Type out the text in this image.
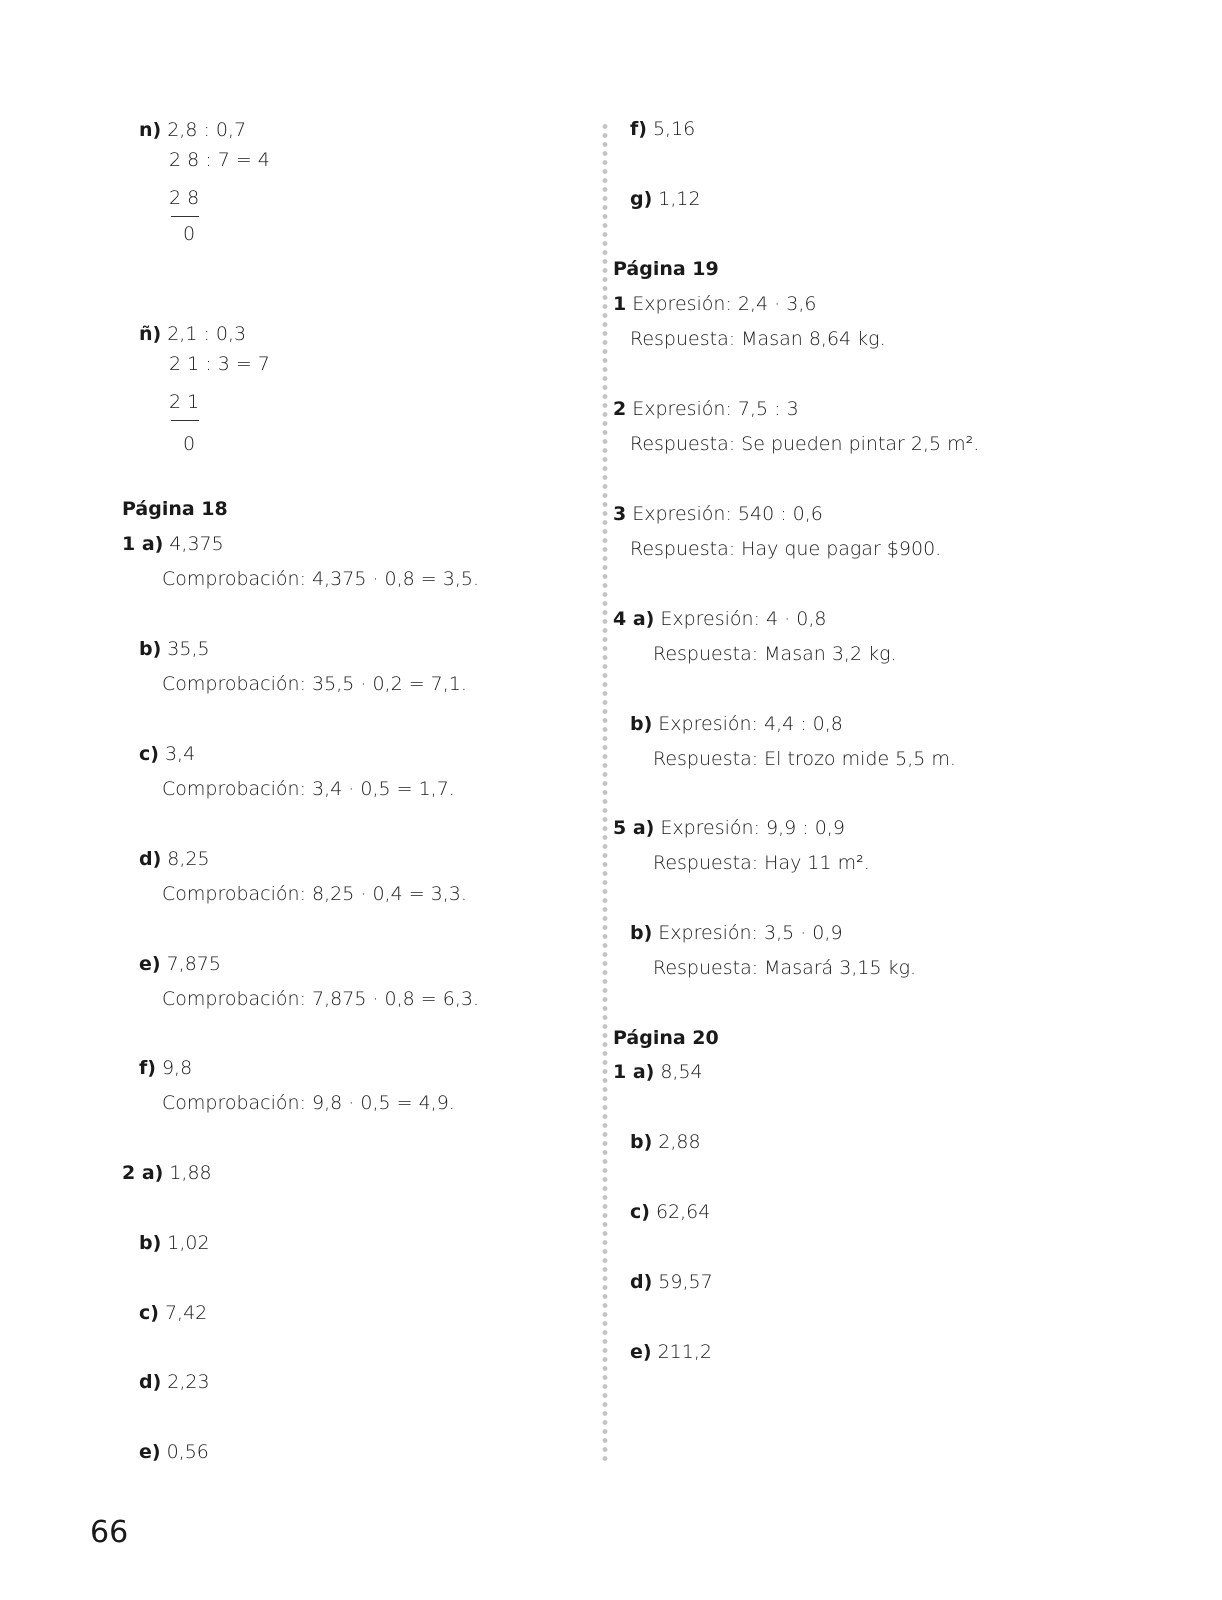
n) 2,8 : 0,7
2 8 : 7 = 4
2 8
0
ñ) 2,1 : 0,3
2 1 : 3 = 7
2 1
0
Página 18
1 a) 4,375
Comprobación: 4,375 · 0,8 = 3,5.
b) 35,5
Comprobación: 35,5 · 0,2 = 7,1.
c) 3,4
Comprobación: 3,4 · 0,5 = 1,7.
d) 8,25
Comprobación: 8,25 · 0,4 = 3,3.
e) 7,875
Comprobación: 7,875 · 0,8 = 6,3.
f) 9,8
Comprobación: 9,8 · 0,5 = 4,9.
2 a) 1,88
b) 1,02
c) 7,42
d) 2,23
e) 0,56
f) 5,16
g) 1,12
Página 19
1 Expresión: 2,4 · 3,6
Respuesta: Masan 8,64 kg.
2 Expresión: 7,5 : 3
Respuesta: Se pueden pintar 2,5 m².
3 Expresión: 540 : 0,6
Respuesta: Hay que pagar $900.
4 a) Expresión: 4 · 0,8
Respuesta: Masan 3,2 kg.
b) Expresión: 4,4 : 0,8
Respuesta: El trozo mide 5,5 m.
5 a) Expresión: 9,9 : 0,9
Respuesta: Hay 11 m².
b) Expresión: 3,5 · 0,9
Respuesta: Masará 3,15 kg.
Página 20
1 a) 8,54
b) 2,88
c) 62,64
d) 59,57
e) 211,2
66
